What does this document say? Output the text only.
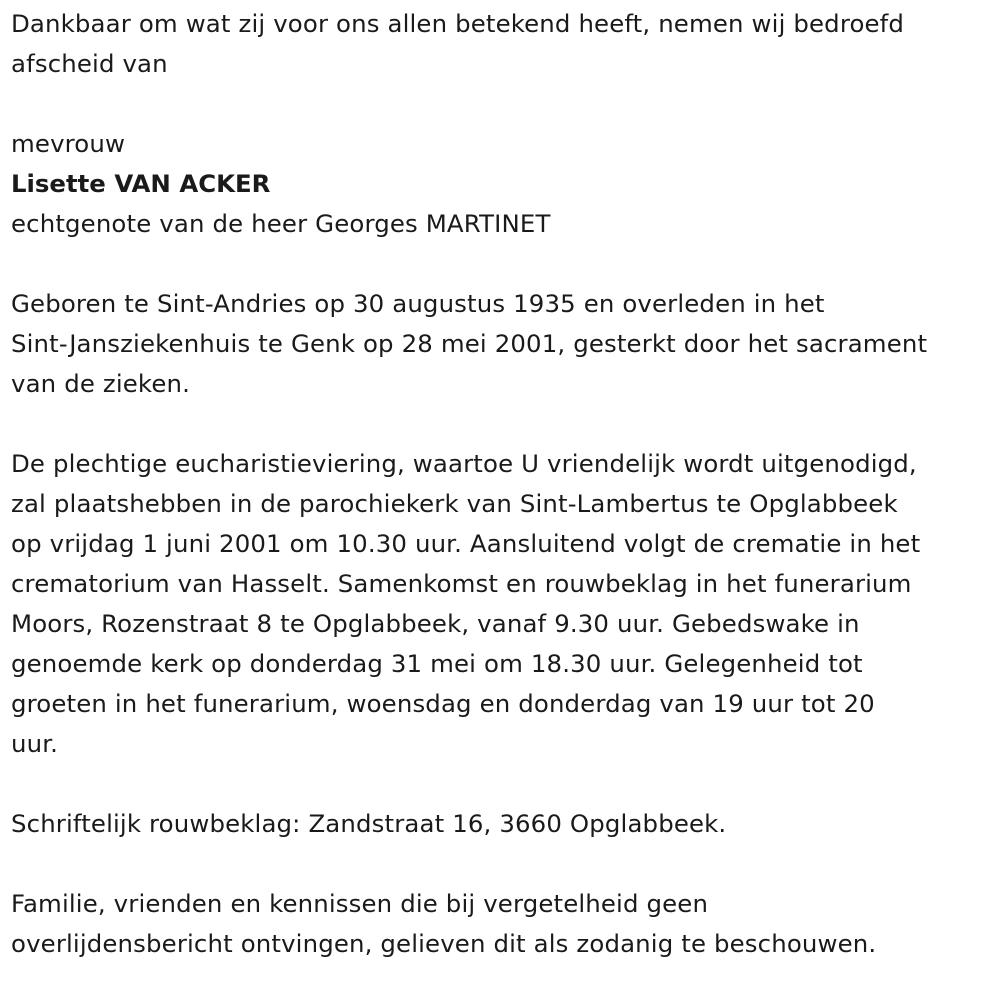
Dankbaar om wat zij voor ons allen betekend heeft, nemen wij bedroefd

afscheid van

mevrouw

Lisette VAN ACKER

echtgenote van de heer Georges MARTINET

Geboren te Sint-Andries op 30 augustus 1935 en overleden in het

Sint-Jansziekenhuis te Genk op 28 mei 2001, gesterkt door het sacrament

van de zieken.

De plechtige eucharistieviering, waartoe U vriendelijk wordt uitgenodigd,

zal plaatshebben in de parochiekerk van Sint-Lambertus te Opglabbeek

op vrijdag 1 juni 2001 om 10.30 uur. Aansluitend volgt de crematie in het

crematorium van Hasselt. Samenkomst en rouwbeklag in het funerarium

Moors, Rozenstraat 8 te Opglabbeek, vanaf 9.30 uur. Gebedswake in

genoemde kerk op donderdag 31 mei om 18.30 uur. Gelegenheid tot

groeten in het funerarium, woensdag en donderdag van 19 uur tot 20

uur.

Schriftelijk rouwbeklag: Zandstraat 16, 3660 Opglabbeek.

Familie, vrienden en kennissen die bij vergetelheid geen

overlijdensbericht ontvingen, gelieven dit als zodanig te beschouwen.
